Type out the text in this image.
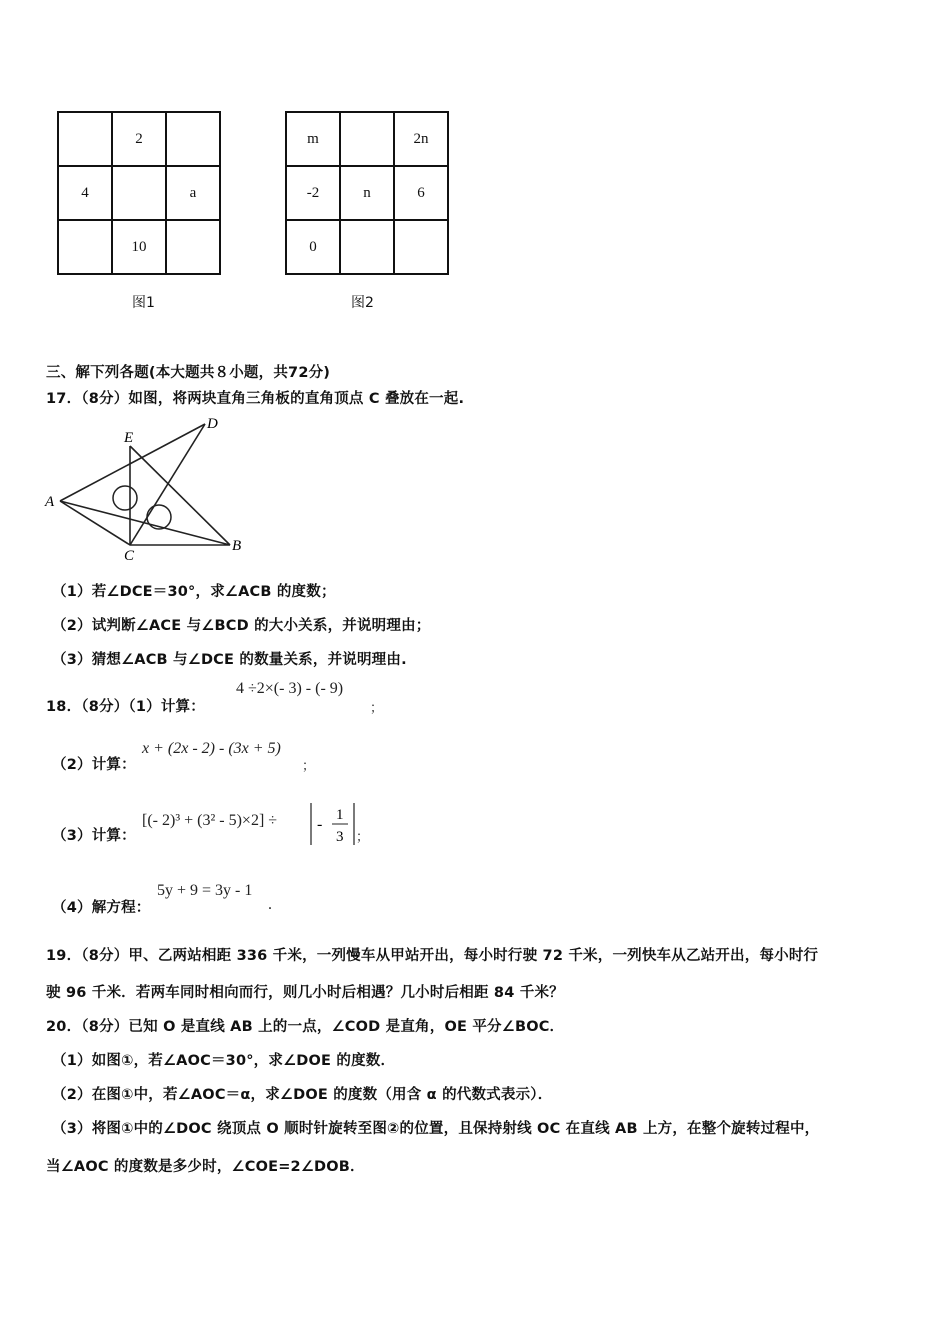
	2	
4		a
	10	
图1
m		2n
-2	n	6
0		
图2
三、解下列各题(本大题共８小题，共72分)
17．（8分）如图，将两块直角三角板的直角顶点 C 叠放在一起.
A
B
C
D
E
（1）若∠DCE＝30°，求∠ACB 的度数；
（2）试判断∠ACE 与∠BCD 的大小关系，并说明理由；
（3）猜想∠ACB 与∠DCE 的数量关系，并说明理由.
18．（8分）（1）计算：
4 ÷2×(- 3) - (- 9)
；
（2）计算：
x + (2x - 2) - (3x + 5)
；
（3）计算：
[(- 2)³ + (3² - 5)×2] ÷ -
1
3 ；
（4）解方程：
5y + 9 = 3y - 1
.
19．（8分）甲、乙两站相距 336 千米，一列慢车从甲站开出，每小时行驶 72 千米，一列快车从乙站开出，每小时行
驶 96 千米．若两车同时相向而行，则几小时后相遇？几小时后相距 84 千米？
20．（8分）已知 O 是直线 AB 上的一点，∠COD 是直角，OE 平分∠BOC．
（1）如图①，若∠AOC＝30°，求∠DOE 的度数．
（2）在图①中，若∠AOC＝α，求∠DOE 的度数（用含 α 的代数式表示）．
（3）将图①中的∠DOC 绕顶点 O 顺时针旋转至图②的位置，且保持射线 OC 在直线 AB 上方，在整个旋转过程中，
当∠AOC 的度数是多少时，∠COE=2∠DOB．
